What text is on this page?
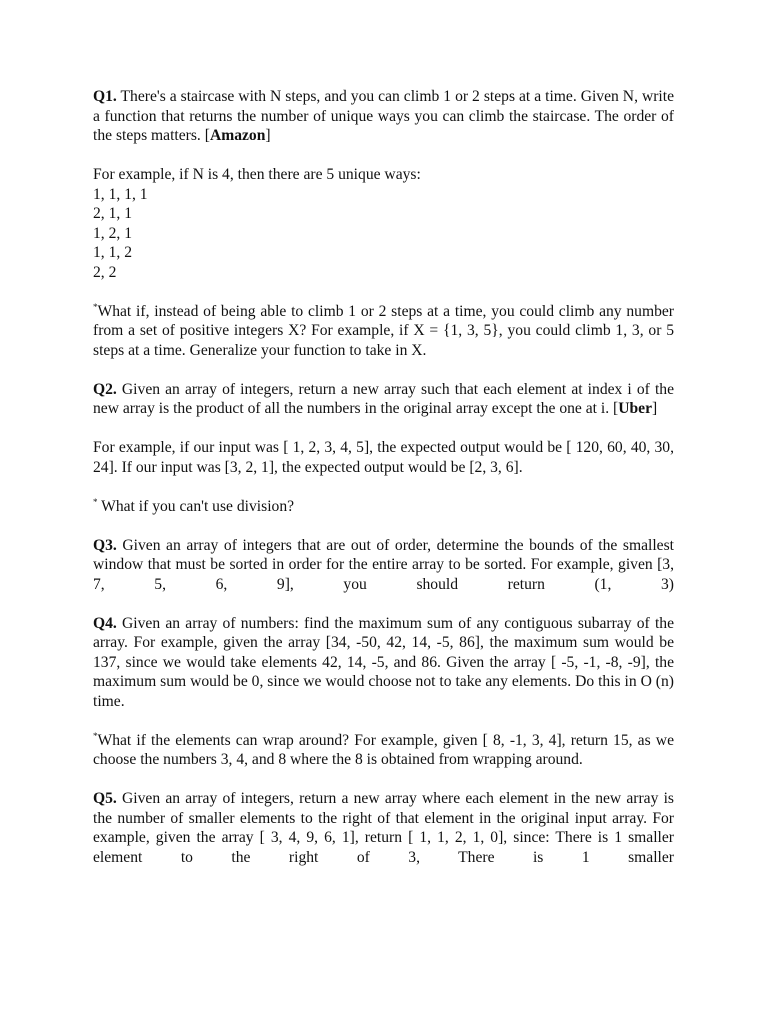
Q1. There's a staircase with N steps, and you can climb 1 or 2 steps at a time. Given N, write a function that returns the number of unique ways you can climb the staircase. The order of the steps matters. [Amazon]

For example, if N is 4, then there are 5 unique ways:

1, 1, 1, 1

2, 1, 1

1, 2, 1

1, 1, 2

2, 2

*What if, instead of being able to climb 1 or 2 steps at a time, you could climb any number from a set of positive integers X? For example, if X = {1, 3, 5}, you could climb 1, 3, or 5 steps at a time. Generalize your function to take in X.

Q2. Given an array of integers, return a new array such that each element at index i of the new array is the product of all the numbers in the original array except the one at i. [Uber]

For example, if our input was [ 1, 2, 3, 4, 5], the expected output would be [ 120, 60, 40, 30, 24]. If our input was [3, 2, 1], the expected output would be [2, 3, 6].

* What if you can't use division?

Q3. Given an array of integers that are out of order, determine the bounds of the smallest window that must be sorted in order for the entire array to be sorted. For example, given [3, 7, 5, 6, 9], you should return (1, 3)

Q4. Given an array of numbers: find the maximum sum of any contiguous subarray of the array. For example, given the array [34, -50, 42, 14, -5, 86], the maximum sum would be 137, since we would take elements 42, 14, -5, and 86. Given the array [ -5, -1, -8, -9], the maximum sum would be 0, since we would choose not to take any elements. Do this in O (n) time.

*What if the elements can wrap around? For example, given [ 8, -1, 3, 4], return 15, as we choose the numbers 3, 4, and 8 where the 8 is obtained from wrapping around.

Q5. Given an array of integers, return a new array where each element in the new array is the number of smaller elements to the right of that element in the original input array. For example, given the array [ 3, 4, 9, 6, 1], return [ 1, 1, 2, 1, 0], since: There is 1 smaller element to the right of 3, There is 1 smaller
